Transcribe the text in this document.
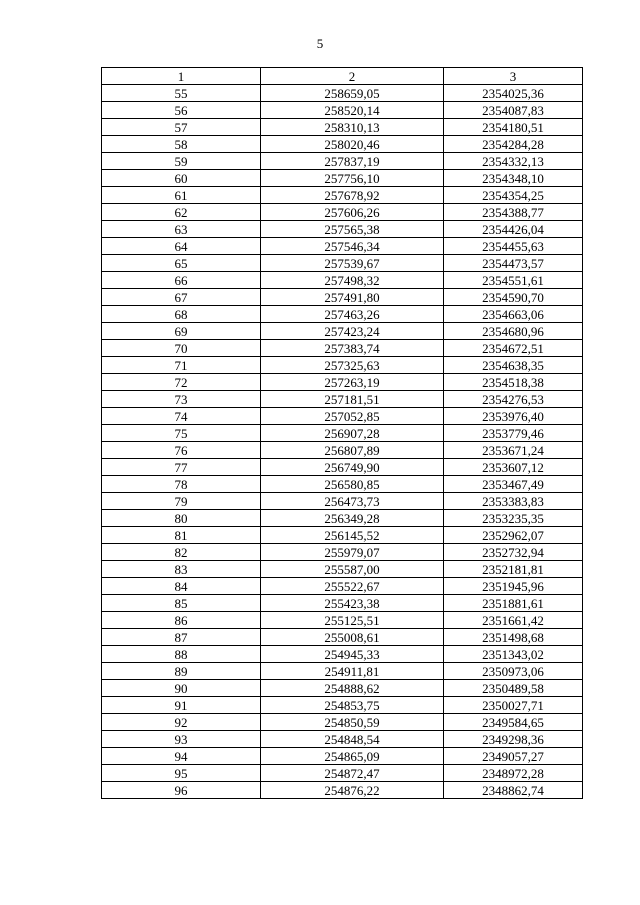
5
1	2	3
55	258659,05	2354025,36
56	258520,14	2354087,83
57	258310,13	2354180,51
58	258020,46	2354284,28
59	257837,19	2354332,13
60	257756,10	2354348,10
61	257678,92	2354354,25
62	257606,26	2354388,77
63	257565,38	2354426,04
64	257546,34	2354455,63
65	257539,67	2354473,57
66	257498,32	2354551,61
67	257491,80	2354590,70
68	257463,26	2354663,06
69	257423,24	2354680,96
70	257383,74	2354672,51
71	257325,63	2354638,35
72	257263,19	2354518,38
73	257181,51	2354276,53
74	257052,85	2353976,40
75	256907,28	2353779,46
76	256807,89	2353671,24
77	256749,90	2353607,12
78	256580,85	2353467,49
79	256473,73	2353383,83
80	256349,28	2353235,35
81	256145,52	2352962,07
82	255979,07	2352732,94
83	255587,00	2352181,81
84	255522,67	2351945,96
85	255423,38	2351881,61
86	255125,51	2351661,42
87	255008,61	2351498,68
88	254945,33	2351343,02
89	254911,81	2350973,06
90	254888,62	2350489,58
91	254853,75	2350027,71
92	254850,59	2349584,65
93	254848,54	2349298,36
94	254865,09	2349057,27
95	254872,47	2348972,28
96	254876,22	2348862,74
